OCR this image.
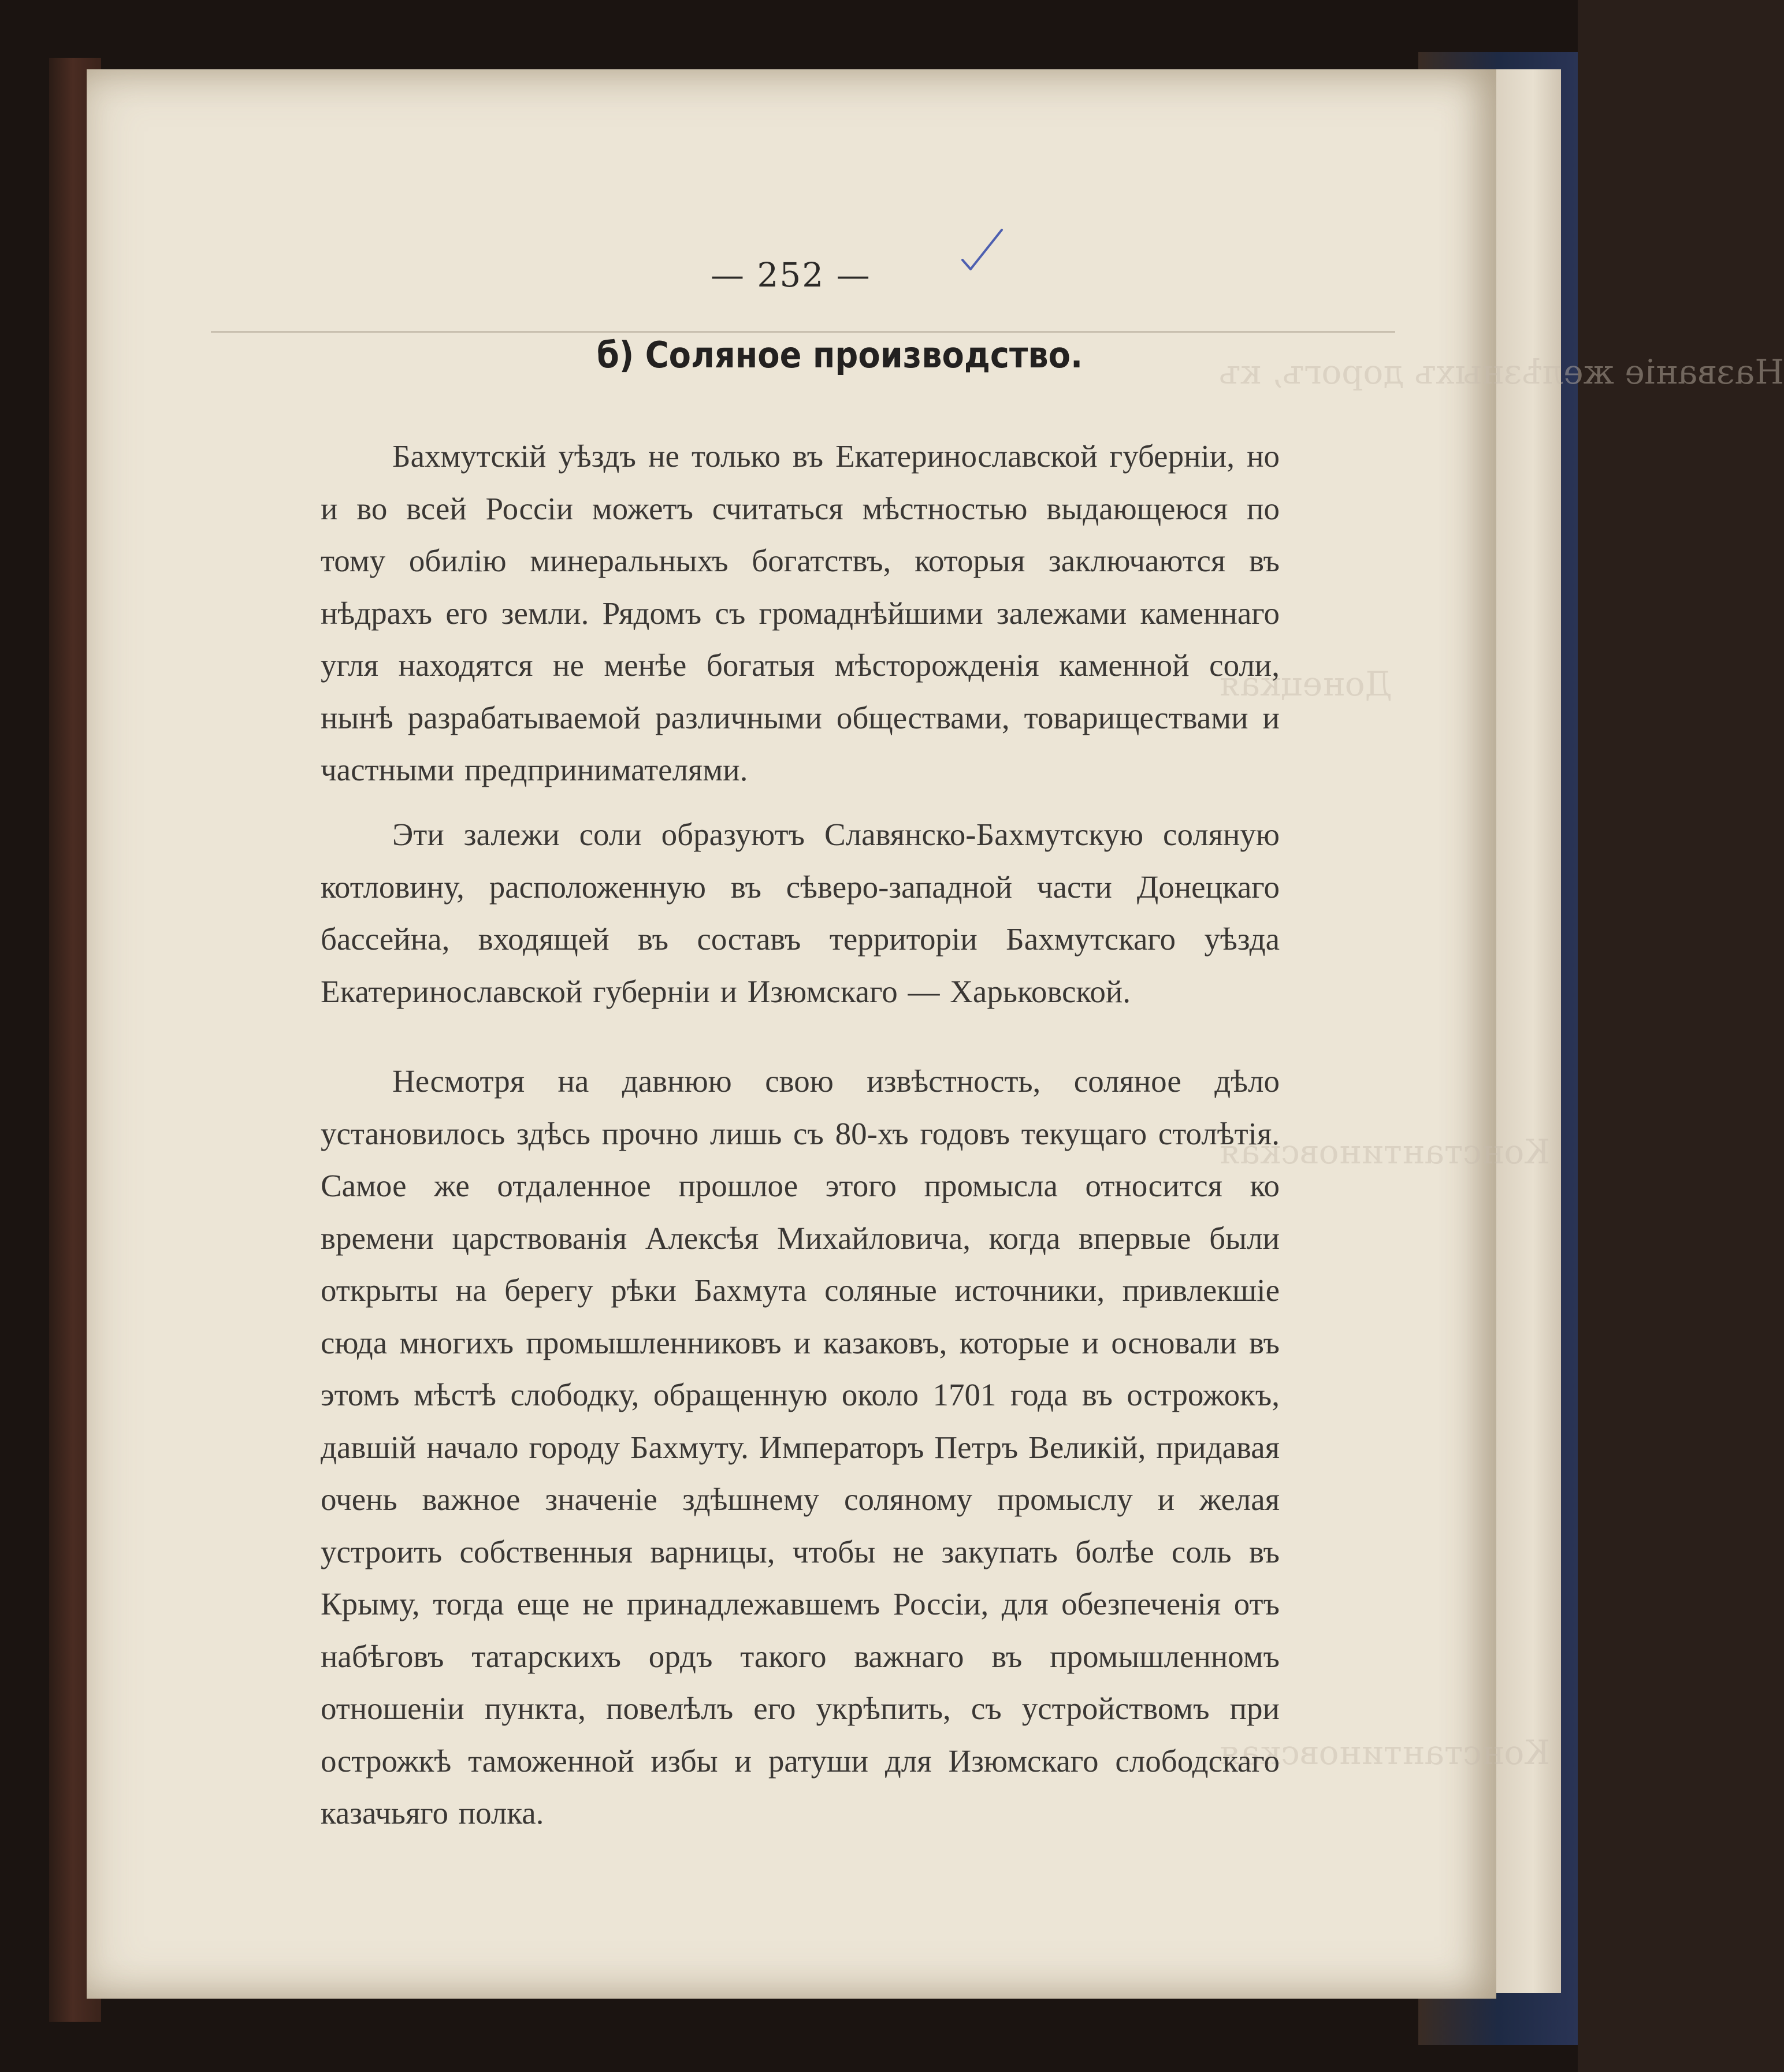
Названіе желѣзныхъ дорогъ, къ
Донецкая
Константиновская
Константиновская
— 252 —
б) Соляное производство.

Бахмутскій уѣздъ не только въ Екатеринославской губерніи, но и во всей Россіи можетъ считаться мѣстностью выдающеюся по тому обилію минеральныхъ богатствъ, которыя заключаются въ нѣдрахъ его земли. Рядомъ съ громаднѣйшими залежами каменнаго угля находятся не менѣе богатыя мѣсторожденія каменной соли, нынѣ разрабатываемой различными обществами, товариществами и частными предпринимателями.

Эти залежи соли образуютъ Славянско-Бахмутскую соляную котловину, расположенную въ сѣверо-западной части Донецкаго бассейна, входящей въ составъ территоріи Бахмутскаго уѣзда Екатеринославской губерніи и Изюмскаго — Харьковской.

Несмотря на давнюю свою извѣстность, соляное дѣло установилось здѣсь прочно лишь съ 80-хъ годовъ текущаго столѣтія. Самое же отдаленное прошлое этого промысла относится ко времени царствованія Алексѣя Михайловича, когда впервые были открыты на берегу рѣки Бахмута соляные источники, привлекшіе сюда многихъ промышленниковъ и казаковъ, которые и основали въ этомъ мѣстѣ слободку, обращенную около 1701 года въ острожокъ, давшій начало городу Бахмуту. Императоръ Петръ Великій, придавая очень важное значеніе здѣшнему соляному промыслу и желая устроить собственныя варницы, чтобы не закупать болѣе соль въ Крыму, тогда еще не принадлежавшемъ Россіи, для обезпеченія отъ набѣговъ татарскихъ ордъ такого важнаго въ промышленномъ отношеніи пункта, повелѣлъ его укрѣпить, съ устройствомъ при острожкѣ таможенной избы и ратуши для Изюмскаго слободскаго казачьяго полка.
